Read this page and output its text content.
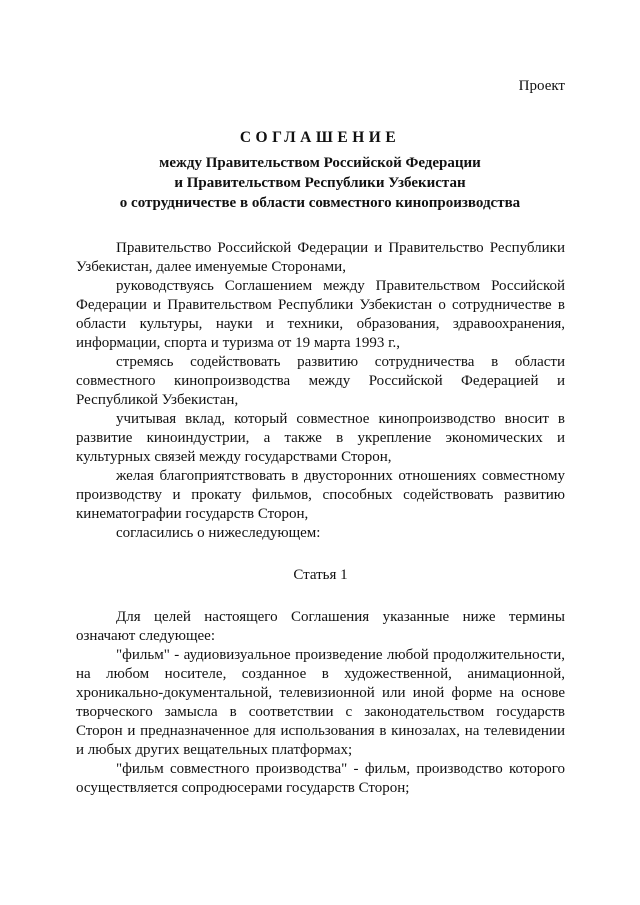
Проект

СОГЛАШЕНИЕ

между Правительством Российской Федерации

и Правительством Республики Узбекистан

о сотрудничестве в области совместного кинопроизводства

Правительство Российской Федерации и Правительство Республики Узбекистан, далее именуемые Сторонами,

руководствуясь Соглашением между Правительством Российской Федерации и Правительством Республики Узбекистан о сотрудничестве в области культуры, науки и техники, образования, здравоохранения, информации, спорта и туризма от 19 марта 1993 г.,

стремясь содействовать развитию сотрудничества в области совместного кинопроизводства между Российской Федерацией и Республикой Узбекистан,

учитывая вклад, который совместное кинопроизводство вносит в развитие киноиндустрии, а также в укрепление экономических и культурных связей между государствами Сторон,

желая благоприятствовать в двусторонних отношениях совместному производству и прокату фильмов, способных содействовать развитию кинематографии государств Сторон,

согласились о нижеследующем:

Статья 1

Для целей настоящего Соглашения указанные ниже термины означают следующее:

"фильм" - аудиовизуальное произведение любой продолжительности, на любом носителе, созданное в художественной, анимационной, хроникально-документальной, телевизионной или иной форме на основе творческого замысла в соответствии с законодательством государств Сторон и предназначенное для использования в кинозалах, на телевидении и любых других вещательных платформах;

"фильм совместного производства" - фильм, производство которого осуществляется сопродюсерами государств Сторон;
